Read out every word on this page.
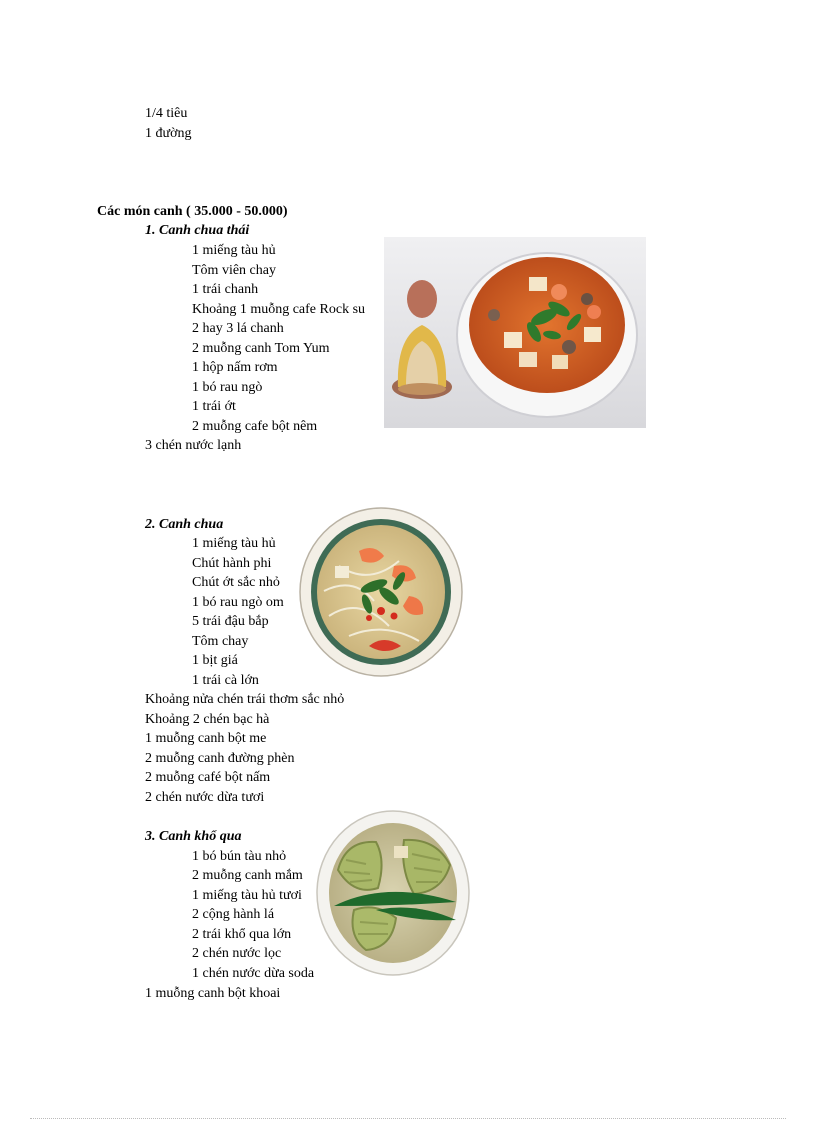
1/4 tiêu
1 đường
Các món canh ( 35.000 - 50.000)
1. Canh chua thái
1 miếng tàu hủ
Tôm viên chay
1 trái chanh
Khoảng 1 muỗng cafe Rock su
2 hay 3 lá chanh
2 muỗng canh Tom Yum
1 hộp nấm rơm
1 bó rau ngò
1 trái ớt
2 muỗng cafe bột nêm
3 chén nước lạnh
2. Canh chua
1 miếng tàu hủ
Chút hành phi
Chút ớt sắc nhỏ
1 bó rau ngò om
5 trái đậu bắp
Tôm chay
1 bịt giá
1 trái cà lớn
Khoảng nửa chén trái thơm sắc nhỏ
Khoảng 2 chén bạc hà
1 muỗng canh bột me
2 muỗng canh đường phèn
2 muỗng café bột nấm
2 chén nước dừa tươi
3. Canh khổ qua
1 bó bún tàu nhỏ
2 muỗng canh mắm
1 miếng tàu hủ tươi
2 cộng hành lá
2 trái khổ qua lớn
2 chén nước lọc
1 chén nước dừa soda
1 muỗng canh bột khoai
